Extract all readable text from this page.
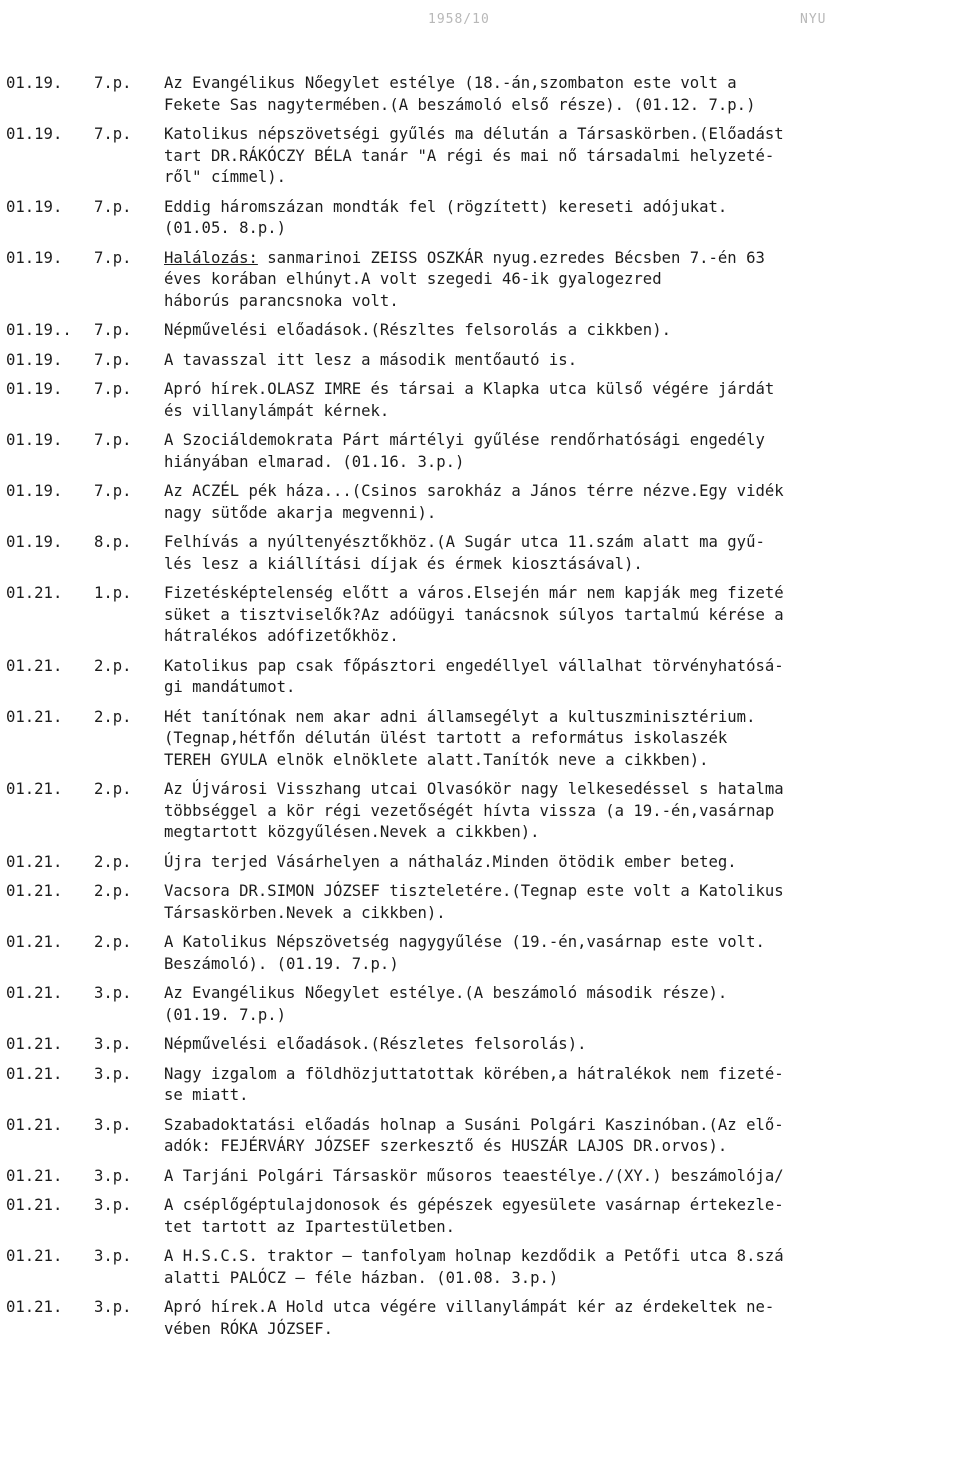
1958/10	NYU
01.19.	7.p.	Az Evangélikus Nőegylet estélye (18.-án,szombaton este volt a
Fekete Sas nagytermében.(A beszámoló első része). (01.12. 7.p.)
01.19.	7.p.	Katolikus népszövetségi gyűlés ma délután a Társaskörben.(Előadást
tart DR.RÁKÓCZY BÉLA tanár "A régi és mai nő társadalmi helyzeté-
ről" címmel).
01.19.	7.p.	Eddig háromszázan mondták fel (rögzített) kereseti adójukat.
(01.05. 8.p.)
01.19.	7.p.	Halálozás: sanmarinoi ZEISS OSZKÁR nyug.ezredes Bécsben 7.-én 63
éves korában elhúnyt.A volt szegedi 46-ik gyalogezred
háborús parancsnoka volt.
01.19..	7.p.	Népművelési előadások.(Részltes felsorolás a cikkben).
01.19.	7.p.	A tavasszal itt lesz a második mentőautó is.
01.19.	7.p.	Apró hírek.OLASZ IMRE és társai a Klapka utca külső végére járdát
és villanylámpát kérnek.
01.19.	7.p.	A Szociáldemokrata Párt mártélyi gyűlése rendőrhatósági engedély
hiányában elmarad. (01.16. 3.p.)
01.19.	7.p.	Az ACZÉL pék háza...(Csinos sarokház a János térre nézve.Egy vidék
nagy sütőde akarja megvenni).
01.19.	8.p.	Felhívás a nyúltenyésztőkhöz.(A Sugár utca 11.szám alatt ma gyű-
lés lesz a kiállítási díjak és érmek kiosztásával).
01.21.	1.p.	Fizetésképtelenség előtt a város.Elsején már nem kapják meg fizeté
süket a tisztviselők?Az adóügyi tanácsnok súlyos tartalmú kérése a
hátralékos adófizetőkhöz.
01.21.	2.p.	Katolikus pap csak főpásztori engedéllyel vállalhat törvényhatósá-
gi mandátumot.
01.21.	2.p.	Hét tanítónak nem akar adni államsegélyt a kultuszminisztérium.
(Tegnap,hétfőn délután ülést tartott a református iskolaszék
TEREH GYULA elnök elnöklete alatt.Tanítók neve a cikkben).
01.21.	2.p.	Az Újvárosi Visszhang utcai Olvasókör nagy lelkesedéssel s hatalma
többséggel a kör régi vezetőségét hívta vissza (a 19.-én,vasárnap
megtartott közgyűlésen.Nevek a cikkben).
01.21.	2.p.	Újra terjed Vásárhelyen a náthaláz.Minden ötödik ember beteg.
01.21.	2.p.	Vacsora DR.SIMON JÓZSEF tiszteletére.(Tegnap este volt a Katolikus
Társaskörben.Nevek a cikkben).
01.21.	2.p.	A Katolikus Népszövetség nagygyűlése (19.-én,vasárnap este volt.
Beszámoló). (01.19. 7.p.)
01.21.	3.p.	Az Evangélikus Nőegylet estélye.(A beszámoló második része).
(01.19. 7.p.)
01.21.	3.p.	Népművelési előadások.(Részletes felsorolás).
01.21.	3.p.	Nagy izgalom a földhözjuttatottak körében,a hátralékok nem fizeté-
se miatt.
01.21.	3.p.	Szabadoktatási előadás holnap a Susáni Polgári Kaszinóban.(Az elő-
adók: FEJÉRVÁRY JÓZSEF szerkesztő és HUSZÁR LAJOS DR.orvos).
01.21.	3.p.	A Tarjáni Polgári Társaskör műsoros teaestélye./(XY.) beszámolója/
01.21.	3.p.	A cséplőgéptulajdonosok és gépészek egyesülete vasárnap értekezle-
tet tartott az Ipartestületben.
01.21.	3.p.	A H.S.C.S. traktor — tanfolyam holnap kezdődik a Petőfi utca 8.szá
alatti PALÓCZ — féle házban. (01.08. 3.p.)
01.21.	3.p.	Apró hírek.A Hold utca végére villanylámpát kér az érdekeltek ne-
vében RÓKA JÓZSEF.
